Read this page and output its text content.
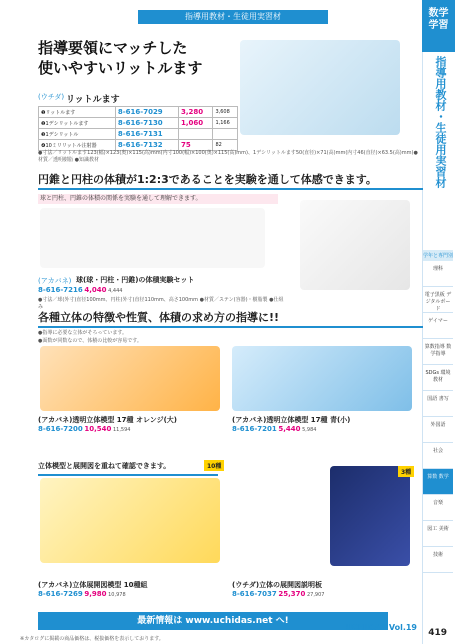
指導用教材・生徒用実習材	数学 学習
指導用教材・生徒用実習材
学年と専門別
理科
電子黒板 デジタルボード
ゲイマー
算数指導 数学指導
SDGs 環境教材
国語 書写
外国語
社会
算数 数学
音楽
図工 美術
技術
419
指導要領にマッチした
使いやすいリットルます
(ウチダ) リットルます
❶リットルます	8-616-7029	3,280	3,608
❷1デシリットルます	8-616-7130	1,060	1,166
❸1デシリットル	8-616-7131		
❹10ミリリットル注射器	8-616-7132	75	82
●寸法／リットルます123(幅)×123(奥)×115(高)mm(内寸100(幅)×100(奥)×115(高)mm)、1デシリットルます50(直径)×71(高)mm(内寸46(直径)×63.5(高)mm)●材質／透明樹脂 ●知識教材
円錐と円柱の体積が1:2:3であることを実験を通して体感できます。
球と円柱、円錐の体積の関係を実験を通して理解できます。
(アカバネ) 球(球・円柱・円錐)の体積実験セット
8-616-7216 4,040 4,444
●寸法／球(外寸)直径100mm、円柱(外寸)直径110mm、高さ100mm ●材質／ステン(容器)・樹脂製 ●仕組み
各種立体の特徴や性質、体積の求め方の指導に!!
●指導に必要な立体がそろっています。
●面数が同数なので、体積の比較が容易です。
(アカバネ)透明立体模型 17種 オレンジ(大)
8-616-7200 10,540 11,594
(アカバネ)透明立体模型 17種 青(小)
8-616-7201 5,440 5,984
立体模型と展開図を重ねて確認できます。	10種
3種
(アカバネ)立体展開図模型 10種組
8-616-7269 9,980 10,978
(ウチダ)立体の展開図説明板
8-616-7037 25,370 27,907
最新情報は www.uchidas.net へ!
※カタログに掲載の商品価格は、税抜価格を表示しております。
UCHIDAS Vol.19
